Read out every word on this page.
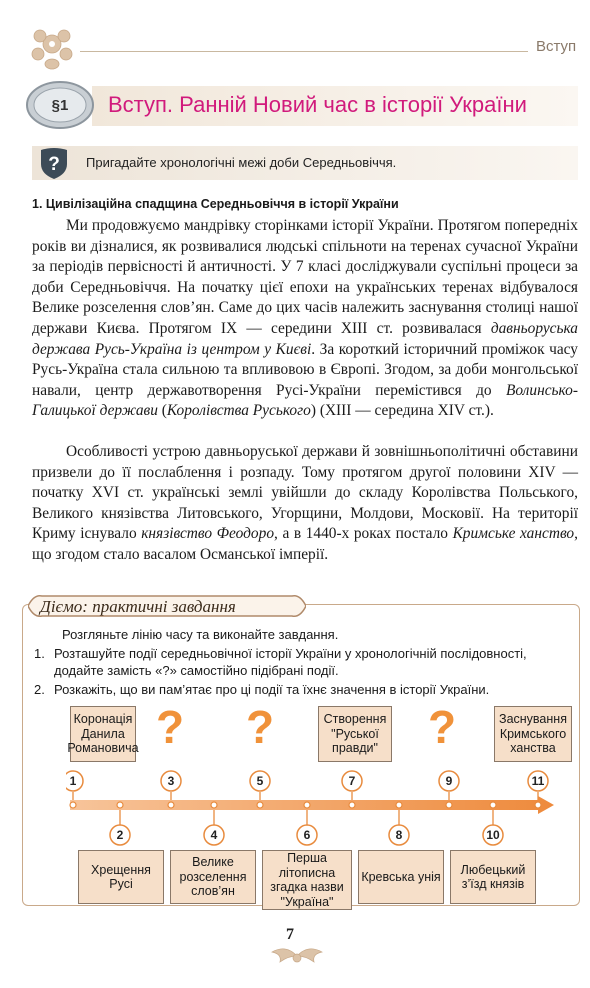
Вступ
§1	Вступ. Ранній Новий час в історії України
? Пригадайте хронологічні межі доби Середньовіччя.
1. Цивілізаційна спадщина Середньовіччя в історії України

Ми продовжуємо мандрівку сторінками історії України. Протягом попередніх років ви дізналися, як розвивалися людські спільноти на теренах сучасної України за періодів первісності й античності. У 7 класі досліджували суспільні процеси за доби Середньовіччя. На початку цієї епохи на українських теренах відбувалося Велике розселення слов’ян. Саме до цих часів належить заснування столиці нашої держави Києва. Протягом IX — середини XIII ст. розвивалася давньоруська держава Русь-Україна із центром у Києві. За короткий історичний проміжок часу Русь-Україна стала сильною та впливовою в Європі. Згодом, за доби монгольської навали, центр державотворення Русі-України перемістився до Волинсько-Галицької держави (Королівства Руського) (XIII — середина XIV ст.).

Особливості устрою давньоруської держави й зовнішньополітичні обставини призвели до її послаблення і розпаду. Тому протягом другої половини XIV — початку XVI ст. українські землі увійшли до складу Королівства Польського, Великого князівства Литовського, Угорщини, Молдови, Московії. На території Криму існувало князівство Феодоро, а в 1440-х роках постало Кримське ханство, що згодом стало васалом Османської імперії.

Діємо: практичні завдання
Розгляньте лінію часу та виконайте завдання.
1. Розташуйте події середньовічної історії України у хронологічній послідовності, додайте замість «?» самостійно підібрані події.
2. Розкажіть, що ви пам’ятає про ці події та їхнє значення в історії України.
Коронація Данила Романовича ? ?	Створення "Руської правди"	?	Заснування Кримського ханства
1
2
3
4
5
6
7
8
9
10
11
Хрещення Русі
Велике розселення слов’ян
Перша літописна згадка назви "Україна"
Кревська унія
Любецький з’їзд князів
7
